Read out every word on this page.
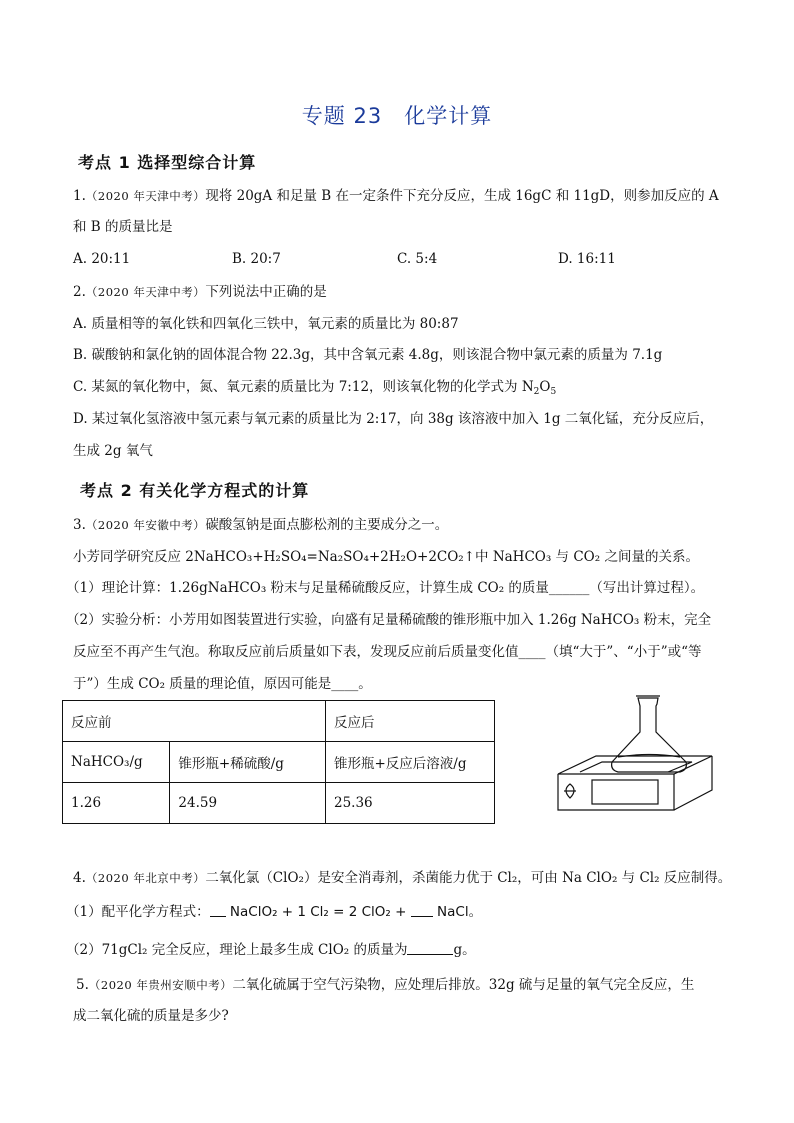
专题 23 化学计算
考点 1 选择型综合计算
1.（2020 年天津中考）现将 20gA 和足量 B 在一定条件下充分反应，生成 16gC 和 11gD，则参加反应的 A
和 B 的质量比是
A. 20:11	B. 20:7	C. 5:4	D. 16:11
2.（2020 年天津中考）下列说法中正确的是
A. 质量相等的氧化铁和四氧化三铁中，氧元素的质量比为 80:87
B. 碳酸钠和氯化钠的固体混合物 22.3g，其中含氧元素 4.8g，则该混合物中氯元素的质量为 7.1g
C. 某氮的氧化物中，氮、氧元素的质量比为 7:12，则该氧化物的化学式为 $N_2O_5$
D. 某过氧化氢溶液中氢元素与氧元素的质量比为 2:17，向 38g 该溶液中加入 1g 二氧化锰，充分反应后，
生成 2g 氧气
考点 2 有关化学方程式的计算
3.（2020 年安徽中考）碳酸氢钠是面点膨松剂的主要成分之一。
小芳同学研究反应 2NaHCO₃+H₂SO₄=Na₂SO₄+2H₂O+2CO₂↑中 NaHCO₃ 与 CO₂ 之间量的关系。
（1）理论计算：1.26gNaHCO₃ 粉末与足量稀硫酸反应，计算生成 CO₂ 的质量______（写出计算过程）。
（2）实验分析：小芳用如图装置进行实验，向盛有足量稀硫酸的锥形瓶中加入 1.26g NaHCO₃ 粉末，完全
反应至不再产生气泡。称取反应前后质量如下表，发现反应前后质量变化值____（填“大于”、“小于”或“等
于”）生成 CO₂ 质量的理论值，原因可能是____。
反应前		反应后
NaHCO₃/g	锥形瓶+稀硫酸/g	锥形瓶+反应后溶液/g
1.26	24.59	25.36
4.（2020 年北京中考）二氧化氯（ClO₂）是安全消毒剂，杀菌能力优于 Cl₂，可由 Na ClO₂ 与 Cl₂ 反应制得。
（1）配平化学方程式： NaClO₂ + 1 Cl₂ = 2 ClO₂ + NaCl。
（2）71gCl₂ 完全反应，理论上最多生成 ClO₂ 的质量为	g。
5.（2020 年贵州安顺中考）二氧化硫属于空气污染物，应处理后排放。32g 硫与足量的氧气完全反应，生
成二氧化硫的质量是多少?
